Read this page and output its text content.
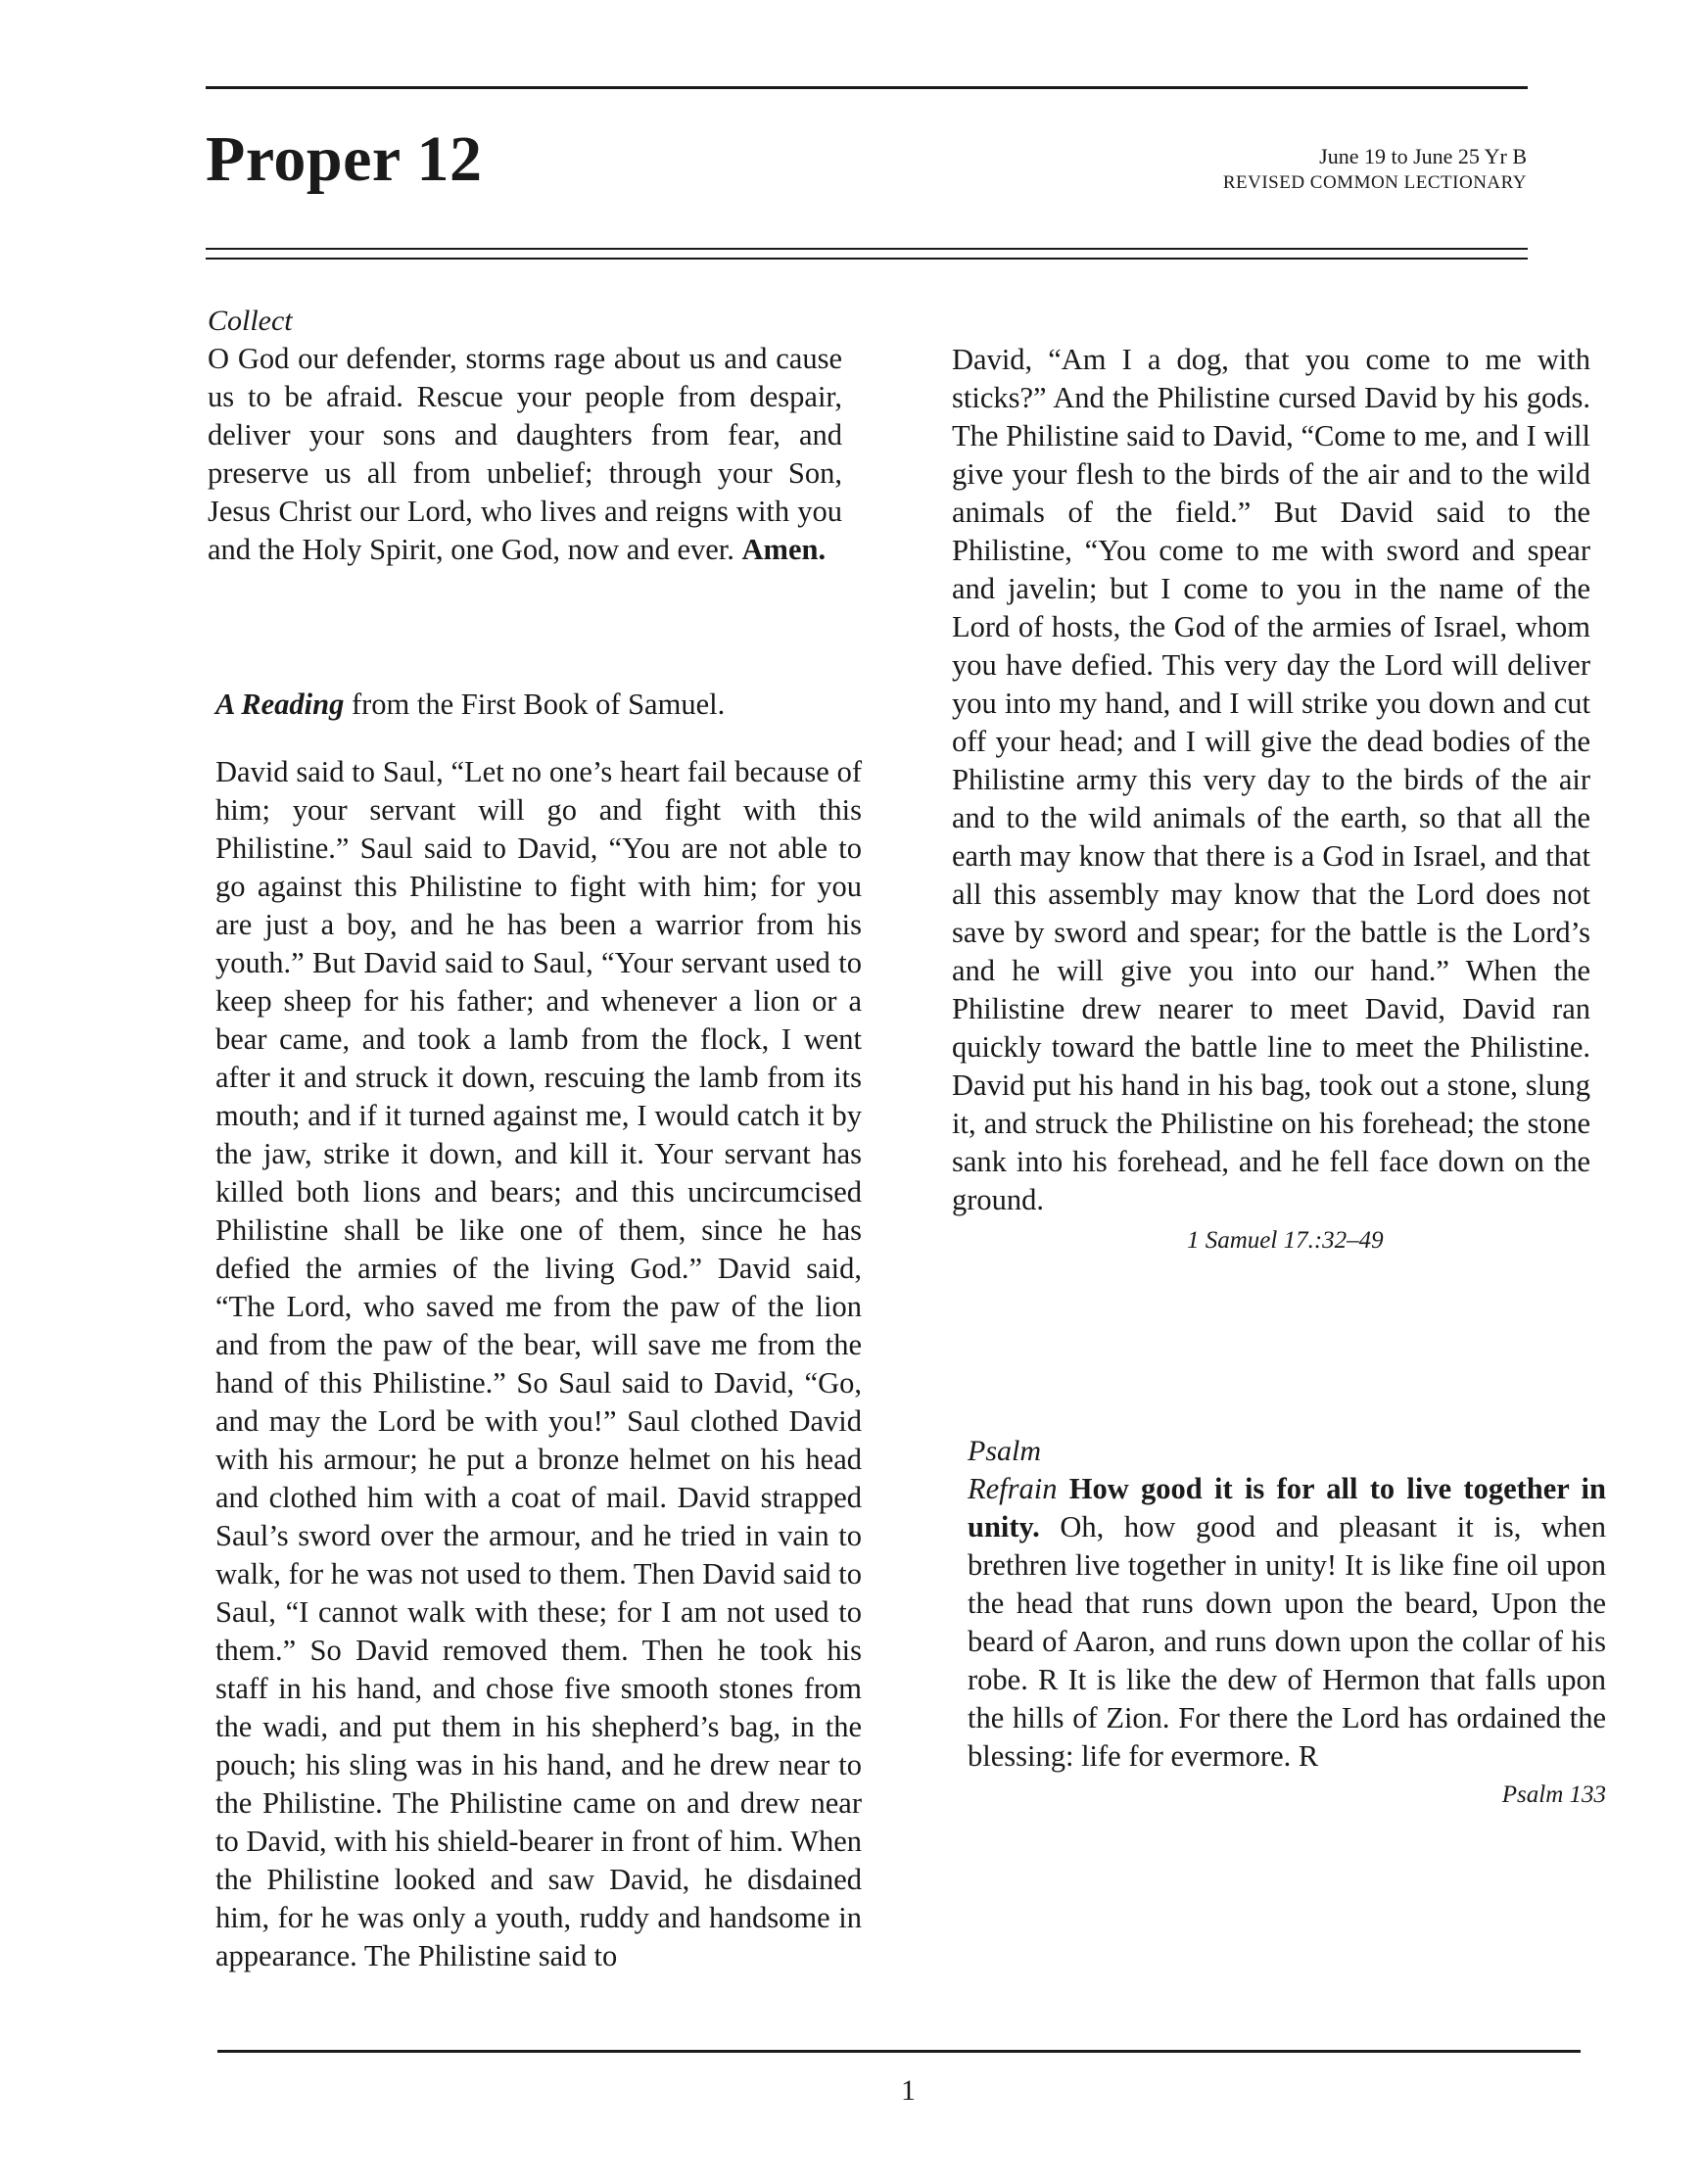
Proper 12	June 19 to June 25 Yr B
REVISED COMMON LECTIONARY

Collect

O God our defender, storms rage about us and cause us to be afraid. Rescue your people from despair, deliver your sons and daughters from fear, and preserve us all from unbelief; through your Son, Jesus Christ our Lord, who lives and reigns with you and the Holy Spirit, one God, now and ever. Amen.

A Reading from the First Book of Samuel.

David said to Saul, “Let no one’s heart fail because of him; your servant will go and fight with this Philistine.” Saul said to David, “You are not able to go against this Philistine to fight with him; for you are just a boy, and he has been a warrior from his youth.” But David said to Saul, “Your servant used to keep sheep for his father; and whenever a lion or a bear came, and took a lamb from the flock, I went after it and struck it down, rescuing the lamb from its mouth; and if it turned against me, I would catch it by the jaw, strike it down, and kill it. Your servant has killed both lions and bears; and this uncircumcised Philistine shall be like one of them, since he has defied the armies of the living God.” David said, “The Lord, who saved me from the paw of the lion and from the paw of the bear, will save me from the hand of this Philistine.” So Saul said to David, “Go, and may the Lord be with you!” Saul clothed David with his armour; he put a bronze helmet on his head and clothed him with a coat of mail. David strapped Saul’s sword over the armour, and he tried in vain to walk, for he was not used to them. Then David said to Saul, “I cannot walk with these; for I am not used to them.” So David removed them. Then he took his staff in his hand, and chose five smooth stones from the wadi, and put them in his shepherd’s bag, in the pouch; his sling was in his hand, and he drew near to the Philistine. The Philistine came on and drew near to David, with his shield-bearer in front of him. When the Philistine looked and saw David, he disdained him, for he was only a youth, ruddy and handsome in appearance. The Philistine said to

David, “Am I a dog, that you come to me with sticks?” And the Philistine cursed David by his gods. The Philistine said to David, “Come to me, and I will give your flesh to the birds of the air and to the wild animals of the field.” But David said to the Philistine, “You come to me with sword and spear and javelin; but I come to you in the name of the Lord of hosts, the God of the armies of Israel, whom you have defied. This very day the Lord will deliver you into my hand, and I will strike you down and cut off your head; and I will give the dead bodies of the Philistine army this very day to the birds of the air and to the wild animals of the earth, so that all the earth may know that there is a God in Israel, and that all this assembly may know that the Lord does not save by sword and spear; for the battle is the Lord’s and he will give you into our hand.” When the Philistine drew nearer to meet David, David ran quickly toward the battle line to meet the Philistine. David put his hand in his bag, took out a stone, slung it, and struck the Philistine on his forehead; the stone sank into his forehead, and he fell face down on the ground.

1 Samuel 17.:32–49

Psalm

Refrain How good it is for all to live together in unity. Oh, how good and pleasant it is, when brethren live together in unity! It is like fine oil upon the head that runs down upon the beard, Upon the beard of Aaron, and runs down upon the collar of his robe. R It is like the dew of Hermon that falls upon the hills of Zion. For there the Lord has ordained the blessing: life for evermore. R

Psalm 133

1
